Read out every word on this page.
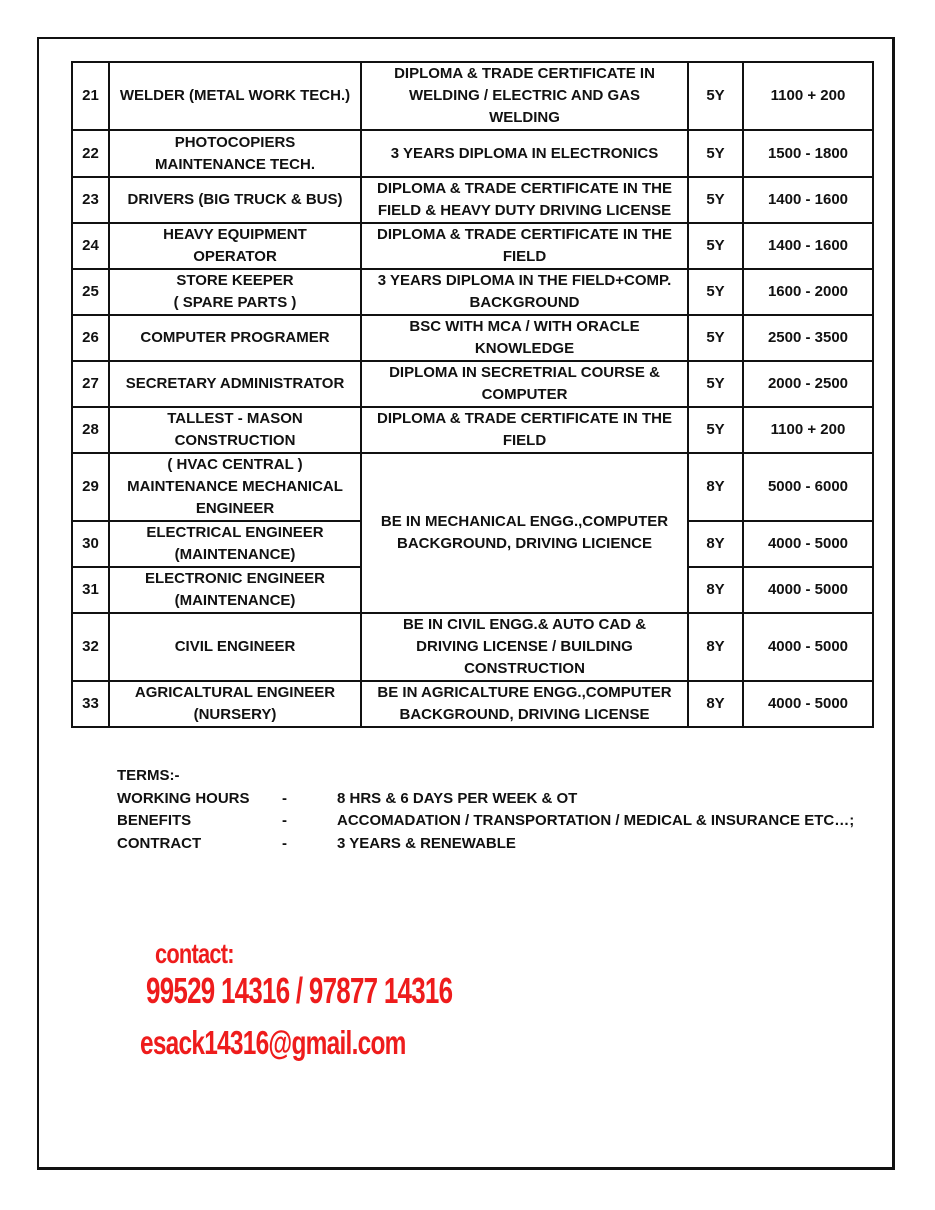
21	WELDER (METAL WORK TECH.)	DIPLOMA & TRADE CERTIFICATE IN
WELDING / ELECTRIC AND GAS
WELDING	5Y	1100 + 200
22	PHOTOCOPIERS
MAINTENANCE TECH.	3 YEARS DIPLOMA IN ELECTRONICS	5Y	1500 - 1800
23	DRIVERS (BIG TRUCK & BUS)	DIPLOMA & TRADE CERTIFICATE IN THE
FIELD & HEAVY DUTY DRIVING LICENSE	5Y	1400 - 1600
24	HEAVY EQUIPMENT
OPERATOR	DIPLOMA & TRADE CERTIFICATE IN THE
FIELD	5Y	1400 - 1600
25	STORE KEEPER
( SPARE PARTS )	3 YEARS DIPLOMA IN THE FIELD+COMP.
BACKGROUND	5Y	1600 - 2000
26	COMPUTER PROGRAMER	BSC WITH MCA / WITH ORACLE
KNOWLEDGE	5Y	2500 - 3500
27	SECRETARY ADMINISTRATOR	DIPLOMA IN SECRETRIAL COURSE &
COMPUTER	5Y	2000 - 2500
28	TALLEST - MASON
CONSTRUCTION	DIPLOMA & TRADE CERTIFICATE IN THE
FIELD	5Y	1100 + 200
29	( HVAC CENTRAL )
MAINTENANCE MECHANICAL
ENGINEER	BE IN MECHANICAL ENGG.,COMPUTER
BACKGROUND, DRIVING LICIENCE	8Y	5000 - 6000
30	ELECTRICAL ENGINEER
(MAINTENANCE)		8Y	4000 - 5000
31	ELECTRONIC ENGINEER
(MAINTENANCE)		8Y	4000 - 5000
32	CIVIL ENGINEER	BE IN CIVIL ENGG.& AUTO CAD &
DRIVING LICENSE / BUILDING
CONSTRUCTION	8Y	4000 - 5000
33	AGRICALTURAL ENGINEER
(NURSERY)	BE IN AGRICALTURE ENGG.,COMPUTER
BACKGROUND, DRIVING LICENSE	8Y	4000 - 5000
TERMS:-
WORKING HOURS -	8 HRS & 6 DAYS PER WEEK & OT
BENEFITS	-	ACCOMADATION / TRANSPORTATION / MEDICAL & INSURANCE ETC…;
CONTRACT	-	3 YEARS & RENEWABLE
contact:
99529 14316 / 97877 14316
esack14316@gmail.com
